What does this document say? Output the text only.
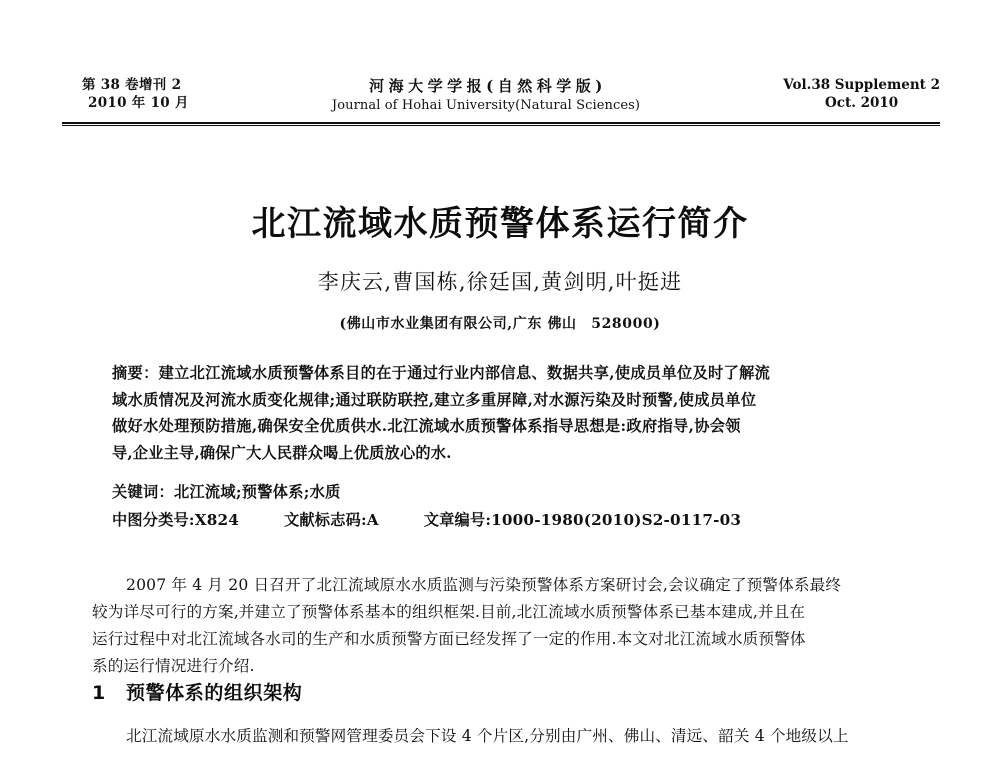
第 38 卷增刊 2
2010 年 10 月
河海大学学报(自然科学版)
Journal of Hohai University(Natural Sciences)
Vol.38 Supplement 2
Oct. 2010
北江流域水质预警体系运行简介
李庆云,曹国栋,徐廷国,黄剑明,叶挺进
(佛山市水业集团有限公司,广东 佛山　528000)
摘要：建立北江流域水质预警体系目的在于通过行业内部信息、数据共享,使成员单位及时了解流
域水质情况及河流水质变化规律;通过联防联控,建立多重屏障,对水源污染及时预警,使成员单位
做好水处理预防措施,确保安全优质供水.北江流域水质预警体系指导思想是:政府指导,协会领
导,企业主导,确保广大人民群众喝上优质放心的水.
关键词：北江流域;预警体系;水质
中图分类号:X824	文献标志码:A	文章编号:1000-1980(2010)S2-0117-03
2007 年 4 月 20 日召开了北江流域原水水质监测与污染预警体系方案研讨会,会议确定了预警体系最终
较为详尽可行的方案,并建立了预警体系基本的组织框架.目前,北江流域水质预警体系已基本建成,并且在
运行过程中对北江流域各水司的生产和水质预警方面已经发挥了一定的作用.本文对北江流域水质预警体
系的运行情况进行介绍.
1 预警体系的组织架构
北江流域原水水质监测和预警网管理委员会下设 4 个片区,分别由广州、佛山、清远、韶关 4 个地级以上
